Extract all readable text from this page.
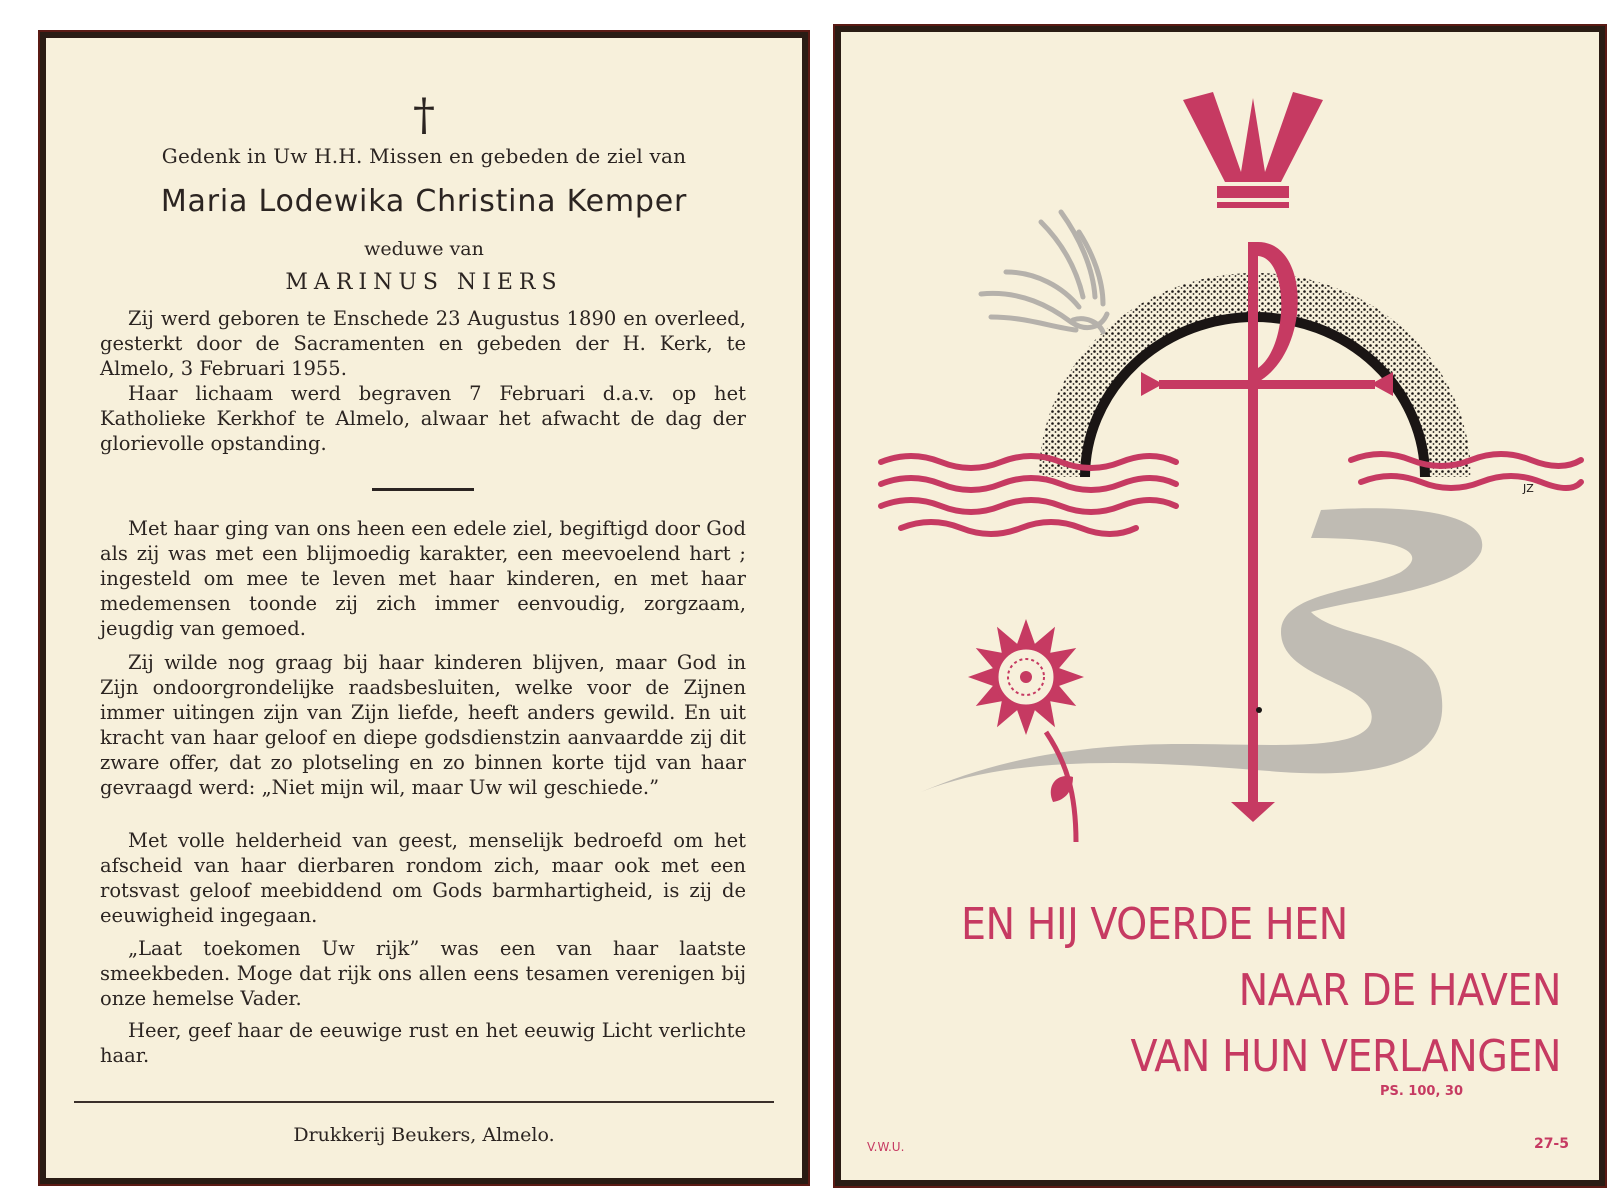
†
Gedenk in Uw H.H. Missen en gebeden de ziel van
Maria Lodewika Christina Kemper
weduwe van
MARINUS NIERS
Zij werd geboren te Enschede 23 Augustus 1890 en overleed, gesterkt door de Sacramenten en gebeden der H. Kerk, te Almelo, 3 Februari 1955.
Haar lichaam werd begraven 7 Februari d.a.v. op het Katholieke Kerkhof te Almelo, alwaar het afwacht de dag der glorievolle opstanding.
Met haar ging van ons heen een edele ziel, begiftigd door God als zij was met een blijmoedig karakter, een meevoelend hart ; ingesteld om mee te leven met haar kinderen, en met haar medemensen toonde zij zich immer eenvoudig, zorgzaam, jeugdig van gemoed.
Zij wilde nog graag bij haar kinderen blijven, maar God in Zijn ondoorgrondelijke raadsbesluiten, welke voor de Zijnen immer uitingen zijn van Zijn liefde, heeft anders gewild. En uit kracht van haar geloof en diepe godsdienstzin aanvaardde zij dit zware offer, dat zo plotseling en zo binnen korte tijd van haar gevraagd werd: „Niet mijn wil, maar Uw wil geschiede.”
Met volle helderheid van geest, menselijk bedroefd om het afscheid van haar dierbaren rondom zich, maar ook met een rotsvast geloof meebiddend om Gods barmhartigheid, is zij de eeuwigheid ingegaan.
„Laat toekomen Uw rijk” was een van haar laatste smeekbeden. Moge dat rijk ons allen eens tesamen verenigen bij onze hemelse Vader.
Heer, geef haar de eeuwige rust en het eeuwig Licht verlichte haar.
Drukkerij Beukers, Almelo.
JZ
EN HIJ VOERDE HEN
NAAR DE HAVEN
VAN HUN VERLANGEN
PS. 100, 30
V.W.U.	27-5
